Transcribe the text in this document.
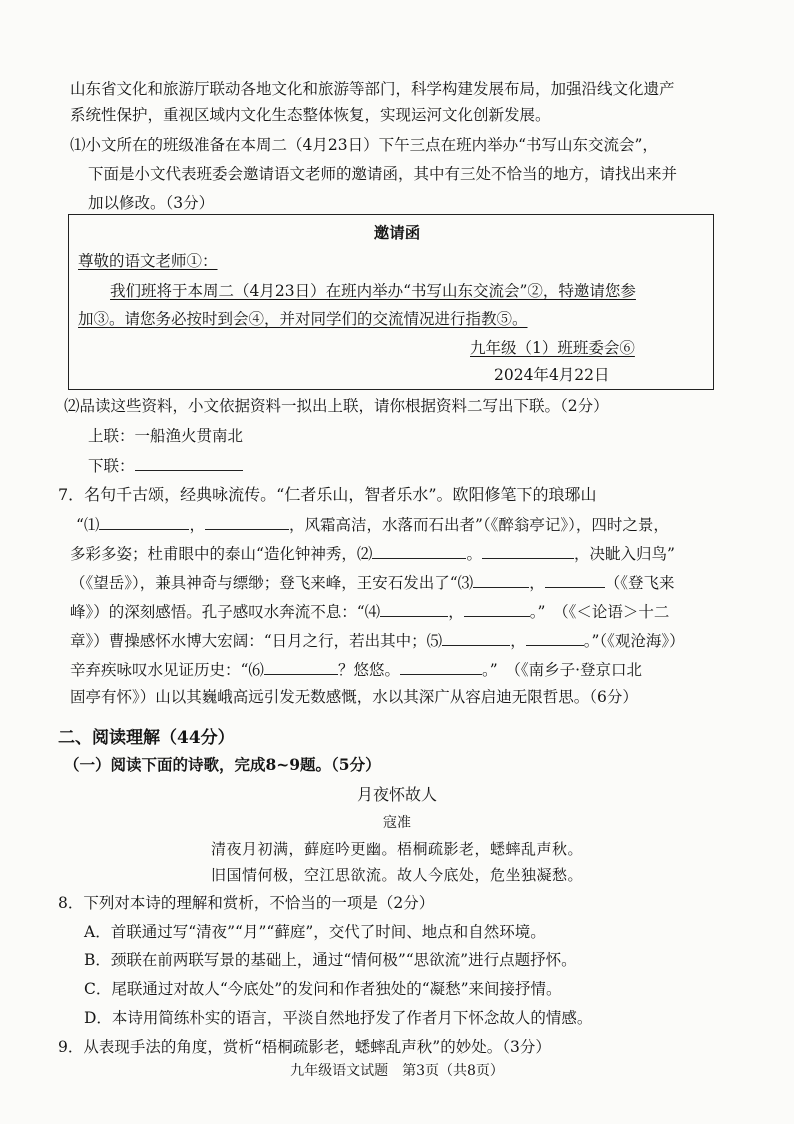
山东省文化和旅游厅联动各地文化和旅游等部门，科学构建发展布局，加强沿线文化遗产
系统性保护，重视区域内文化生态整体恢复，实现运河文化创新发展。
⑴小文所在的班级准备在本周二（4月23日）下午三点在班内举办“书写山东交流会”，
下面是小文代表班委会邀请语文老师的邀请函，其中有三处不恰当的地方，请找出来并
加以修改。（3分）
邀请函
尊敬的语文老师①：
我们班将于本周二（4月23日）在班内举办“书写山东交流会”②，特邀请您参
加③。请您务必按时到会④，并对同学们的交流情况进行指教⑤。
九年级（1）班班委会⑥
2024年4月22日
⑵品读这些资料，小文依据资料一拟出上联，请你根据资料二写出下联。（2分）
上联：一船渔火贯南北
下联：
7．名句千古颂，经典咏流传。“仁者乐山，智者乐水”。欧阳修笔下的琅琊山
“⑴	，	，风霜高洁，水落而石出者”（《醉翁亭记》），四时之景，
多彩多姿；杜甫眼中的泰山“造化钟神秀，⑵	。	，决眦入归鸟”
（《望岳》），兼具神奇与缥缈；登飞来峰，王安石发出了“⑶	，	（《登飞来
峰》）的深刻感悟。孔子感叹水奔流不息：“⑷	，	。”　（《＜论语＞十二
章》）曹操感怀水博大宏阔：“日月之行，若出其中；⑸	，	。”（《观沧海》）
辛弃疾咏叹水见证历史：“⑹	？悠悠。	。”　（《南乡子·登京口北
固亭有怀》）山以其巍峨高远引发无数感慨，水以其深广从容启迪无限哲思。（6分）
二、阅读理解（44分）
（一）阅读下面的诗歌，完成8~9题。（5分）
月夜怀故人
寇准
清夜月初满，藓庭吟更幽。梧桐疏影老，蟋蟀乱声秋。
旧国情何极，空江思欲流。故人今底处，危坐独凝愁。
8．下列对本诗的理解和赏析，不恰当的一项是（2分）
A．首联通过写“清夜”“月”“藓庭”，交代了时间、地点和自然环境。
B．颈联在前两联写景的基础上，通过“情何极”“思欲流”进行点题抒怀。
C．尾联通过对故人“今底处”的发问和作者独处的“凝愁”来间接抒情。
D．本诗用简练朴实的语言，平淡自然地抒发了作者月下怀念故人的情感。
9．从表现手法的角度，赏析“梧桐疏影老，蟋蟀乱声秋”的妙处。（3分）
九年级语文试题　第3页（共8页）
